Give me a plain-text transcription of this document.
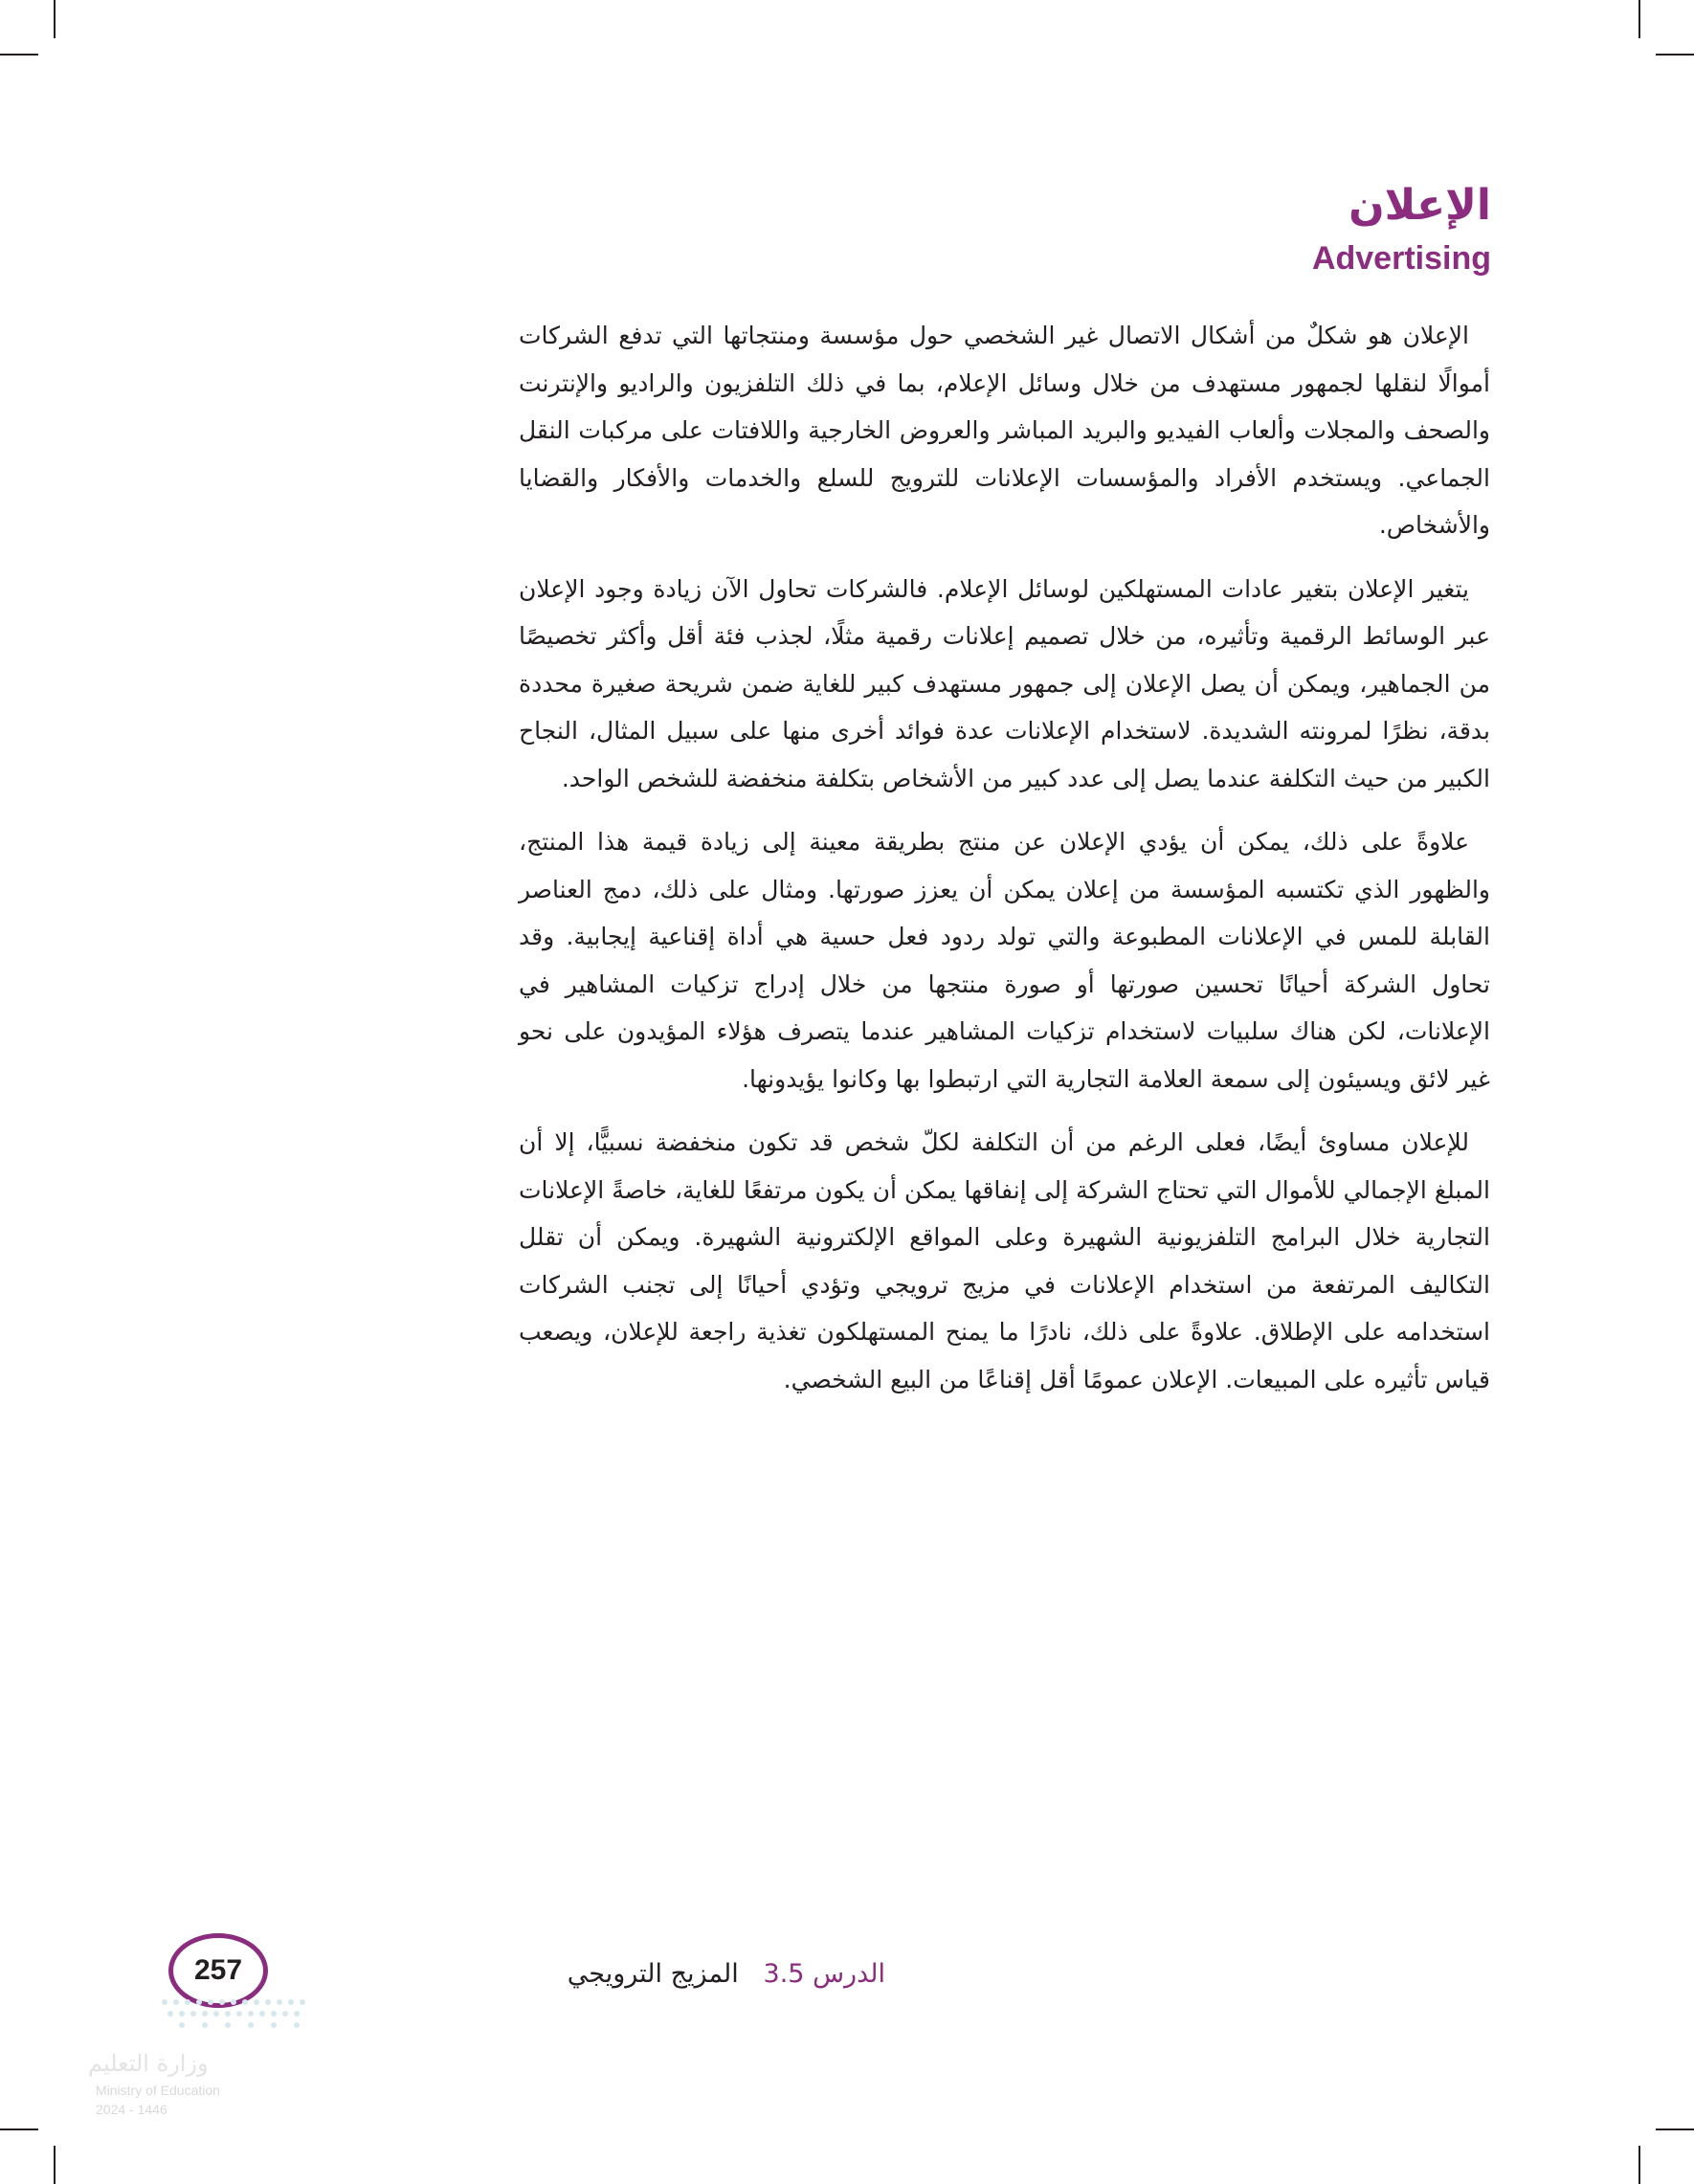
الإعلان
Advertising

الإعلان هو شكلٌ من أشكال الاتصال غير الشخصي حول مؤسسة ومنتجاتها التي تدفع الشركات أموالًا لنقلها لجمهور مستهدف من خلال وسائل الإعلام، بما في ذلك التلفزيون والراديو والإنترنت والصحف والمجلات وألعاب الفيديو والبريد المباشر والعروض الخارجية واللافتات على مركبات النقل الجماعي. ويستخدم الأفراد والمؤسسات الإعلانات للترويج للسلع والخدمات والأفكار والقضايا والأشخاص.

يتغير الإعلان بتغير عادات المستهلكين لوسائل الإعلام. فالشركات تحاول الآن زيادة وجود الإعلان عبر الوسائط الرقمية وتأثيره، من خلال تصميم إعلانات رقمية مثلًا، لجذب فئة أقل وأكثر تخصيصًا من الجماهير، ويمكن أن يصل الإعلان إلى جمهور مستهدف كبير للغاية ضمن شريحة صغيرة محددة بدقة، نظرًا لمرونته الشديدة. لاستخدام الإعلانات عدة فوائد أخرى منها على سبيل المثال، النجاح الكبير من حيث التكلفة عندما يصل إلى عدد كبير من الأشخاص بتكلفة منخفضة للشخص الواحد.

علاوةً على ذلك، يمكن أن يؤدي الإعلان عن منتج بطريقة معينة إلى زيادة قيمة هذا المنتج، والظهور الذي تكتسبه المؤسسة من إعلان يمكن أن يعزز صورتها. ومثال على ذلك، دمج العناصر القابلة للمس في الإعلانات المطبوعة والتي تولد ردود فعل حسية هي أداة إقناعية إيجابية. وقد تحاول الشركة أحيانًا تحسين صورتها أو صورة منتجها من خلال إدراج تزكيات المشاهير في الإعلانات، لكن هناك سلبيات لاستخدام تزكيات المشاهير عندما يتصرف هؤلاء المؤيدون على نحو غير لائق ويسيئون إلى سمعة العلامة التجارية التي ارتبطوا بها وكانوا يؤيدونها.

للإعلان مساوئ أيضًا، فعلى الرغم من أن التكلفة لكلّ شخص قد تكون منخفضة نسبيًّا، إلا أن المبلغ الإجمالي للأموال التي تحتاج الشركة إلى إنفاقها يمكن أن يكون مرتفعًا للغاية، خاصةً الإعلانات التجارية خلال البرامج التلفزيونية الشهيرة وعلى المواقع الإلكترونية الشهيرة. ويمكن أن تقلل التكاليف المرتفعة من استخدام الإعلانات في مزيج ترويجي وتؤدي أحيانًا إلى تجنب الشركات استخدامه على الإطلاق. علاوةً على ذلك، نادرًا ما يمنح المستهلكون تغذية راجعة للإعلان، ويصعب قياس تأثيره على المبيعات. الإعلان عمومًا أقل إقناعًا من البيع الشخصي.

الدرس 3.5   المزيج الترويجي
257
وزارة التعليم
Ministry of Education
2024 - 1446
